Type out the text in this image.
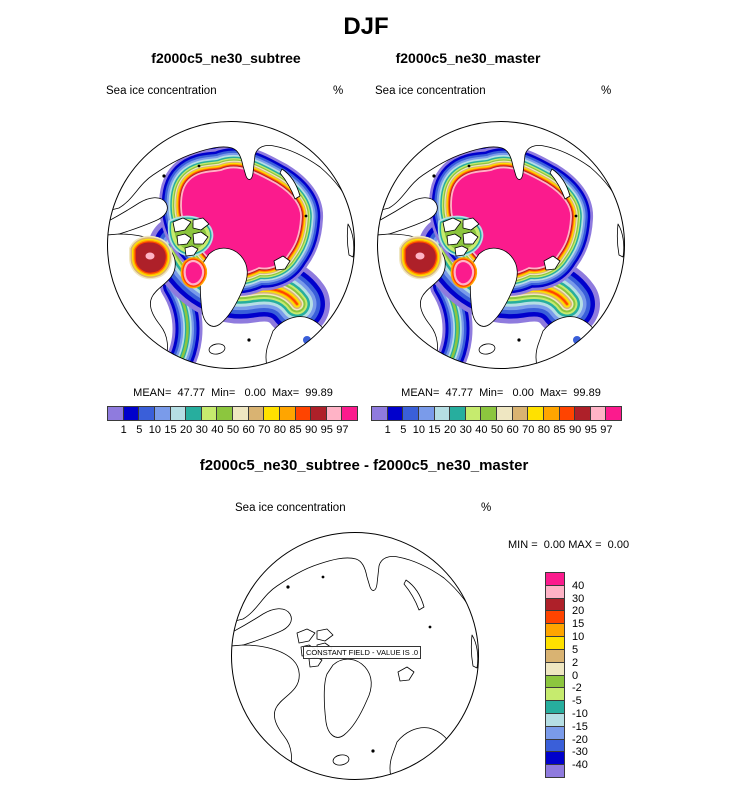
DJF
f2000c5_ne30_subtree	f2000c5_ne30_master
Sea ice concentration	%	Sea ice concentration	%
MEAN=  47.77  Min=   0.00  Max=  99.89	MEAN=  47.77  Min=   0.00  Max=  99.89
1 5 10 15 20 30 40 50 60 70 80 85 90 95 97	1 5 10 15 20 30 40 50 60 70 80 85 90 95 97
f2000c5_ne30_subtree - f2000c5_ne30_master
Sea ice concentration	%
MIN =  0.00 MAX =  0.00
CONSTANT FIELD - VALUE IS .0
40
30
20
15
10
5
2
0
-2
-5
-10
-15
-20
-30
-40
